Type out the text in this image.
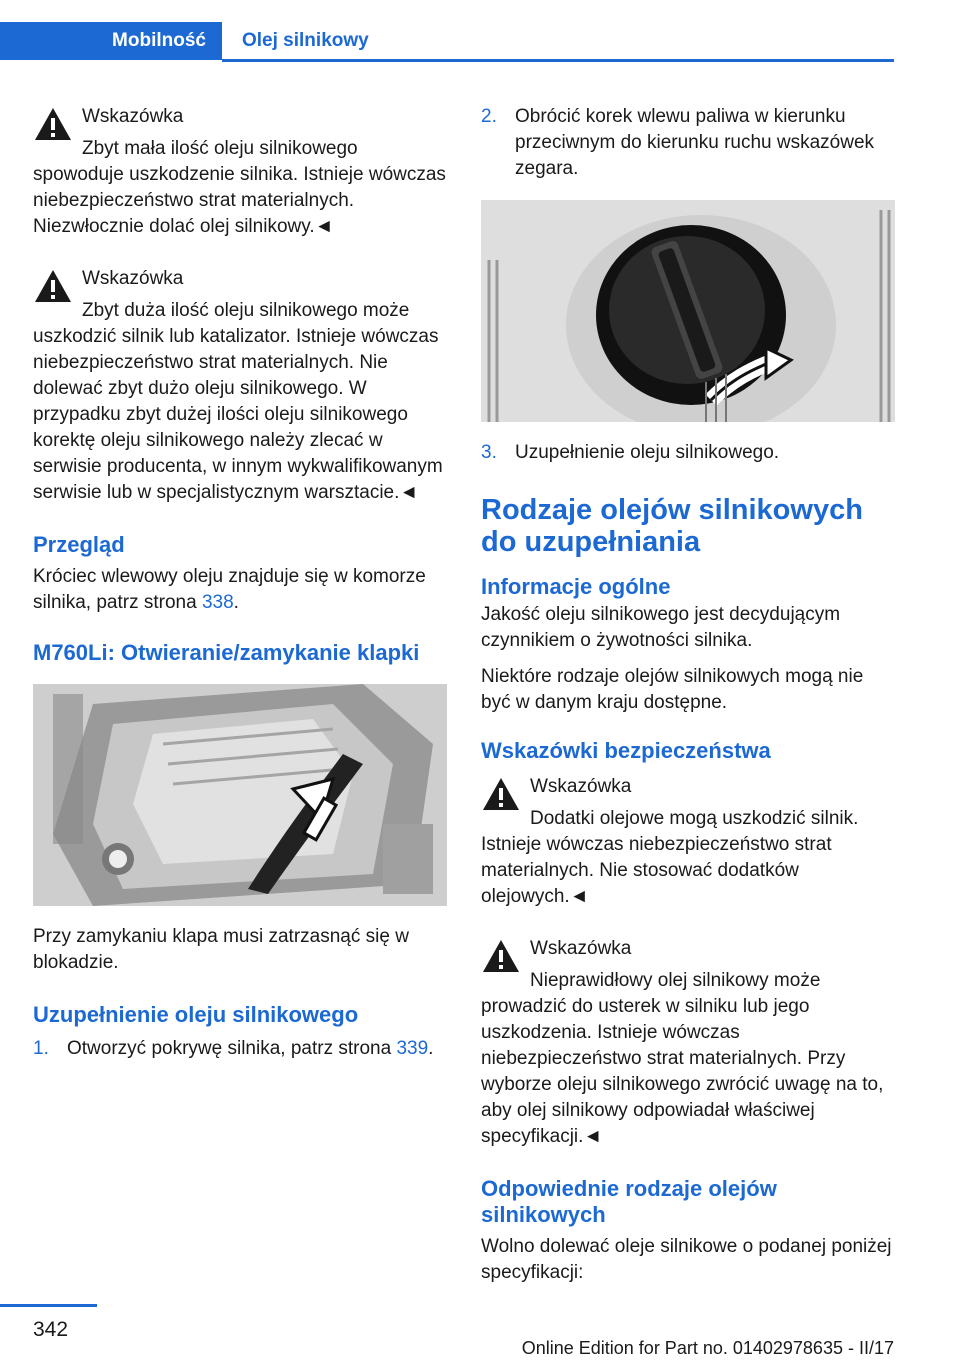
Mobilność	Olej silnikowy
Wskazówka
Zbyt mała ilość oleju silnikowego spowoduje uszkodzenie silnika. Istnieje wówczas niebezpieczeństwo strat materialnych. Niezwłocznie dolać olej silnikowy.◄
Wskazówka
Zbyt duża ilość oleju silnikowego może uszkodzić silnik lub katalizator. Istnieje wówczas niebezpieczeństwo strat materialnych. Nie dolewać zbyt dużo oleju silnikowego. W przypadku zbyt dużej ilości oleju silnikowego korektę oleju silnikowego należy zlecać w serwisie producenta, w innym wykwalifikowanym serwisie lub w specjalistycznym warsztacie.◄
Przegląd

Króciec wlewowy oleju znajduje się w komorze silnika, patrz strona 338.

M760Li: Otwieranie/zamykanie klapki

Przy zamykaniu klapa musi zatrzasnąć się w blokadzie.

Uzupełnienie oleju silnikowego
1. Otworzyć pokrywę silnika, patrz strona 339.
2. Obrócić korek wlewu paliwa w kierunku przeciwnym do kierunku ruchu wskazówek zegara.
3. Uzupełnienie oleju silnikowego.
Rodzaje olejów silnikowych do uzupełniania
Informacje ogólne

Jakość oleju silnikowego jest decydującym czynnikiem o żywotności silnika.

Niektóre rodzaje olejów silnikowych mogą nie być w danym kraju dostępne.

Wskazówki bezpieczeństwa
Wskazówka
Dodatki olejowe mogą uszkodzić silnik. Istnieje wówczas niebezpieczeństwo strat materialnych. Nie stosować dodatków olejowych.◄
Wskazówka
Nieprawidłowy olej silnikowy może prowadzić do usterek w silniku lub jego uszkodzenia. Istnieje wówczas niebezpieczeństwo strat materialnych. Przy wyborze oleju silnikowego zwrócić uwagę na to, aby olej silnikowy odpowiadał właściwej specyfikacji.◄
Odpowiednie rodzaje olejów silnikowych

Wolno dolewać oleje silnikowe o podanej poniżej specyfikacji:

342
Online Edition for Part no. 01402978635 - II/17
